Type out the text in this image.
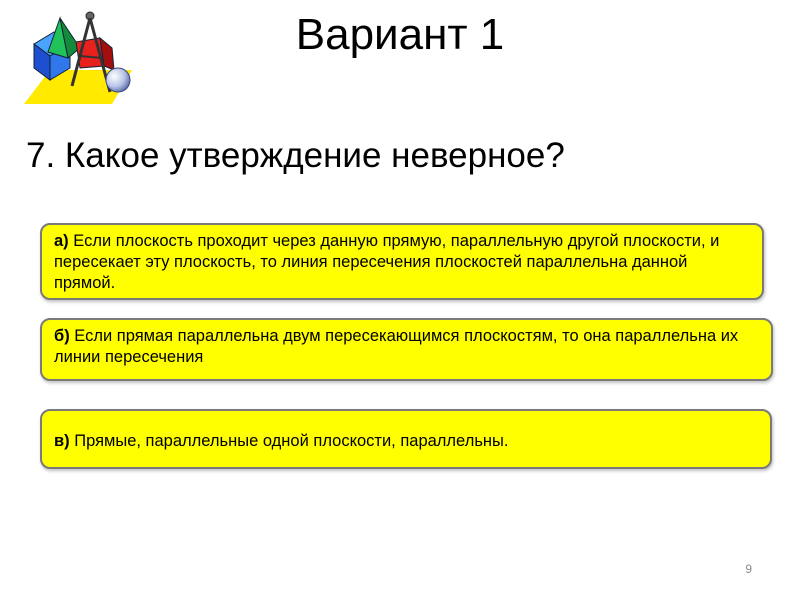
Вариант 1
7. Какое утверждение неверное?
а) Если плоскость проходит через данную прямую, параллельную другой плоскости, и пересекает эту плоскость, то линия пересечения плоскостей параллельна данной прямой.
б) Если прямая параллельна двум пересекающимся плоскостям, то она параллельна их линии пересечения
в) Прямые, параллельные одной плоскости, параллельны.
9
